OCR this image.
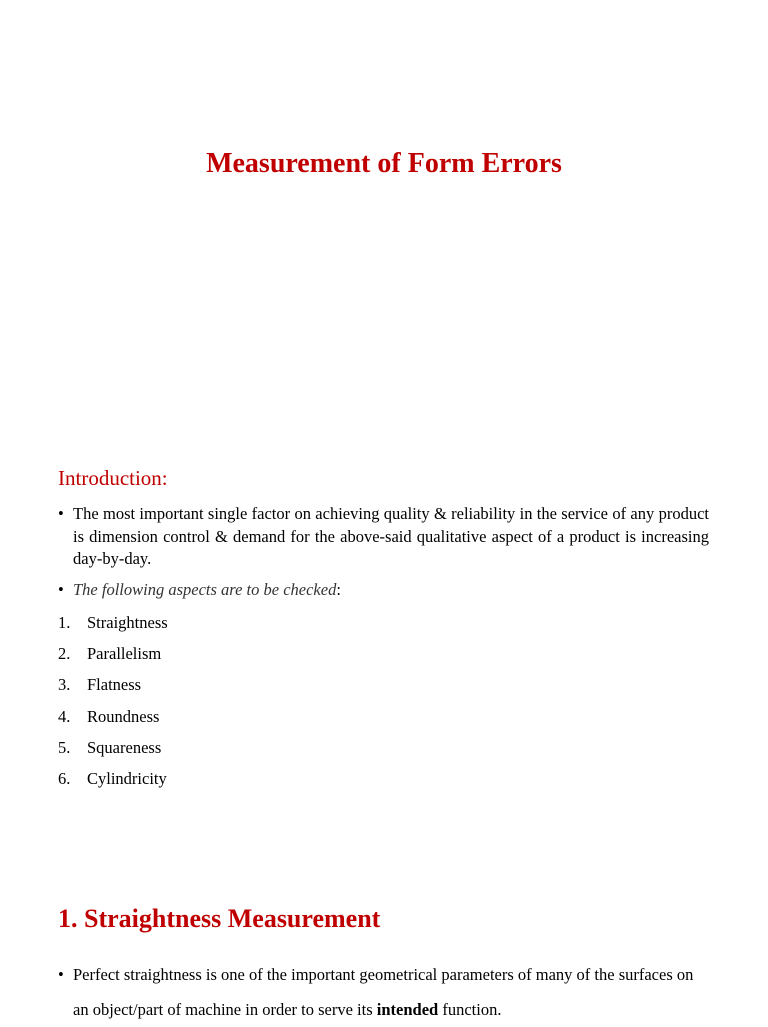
Measurement of Form Errors
Introduction:
• The most important single factor on achieving quality & reliability in the service of any product is dimension control & demand for the above-said qualitative aspect of a product is increasing day-by-day.
• The following aspects are to be checked:
1. Straightness
2. Parallelism
3. Flatness
4. Roundness
5. Squareness
6. Cylindricity
1. Straightness Measurement
• Perfect straightness is one of the important geometrical parameters of many of the surfaces on an object/part of machine in order to serve its intended function.
